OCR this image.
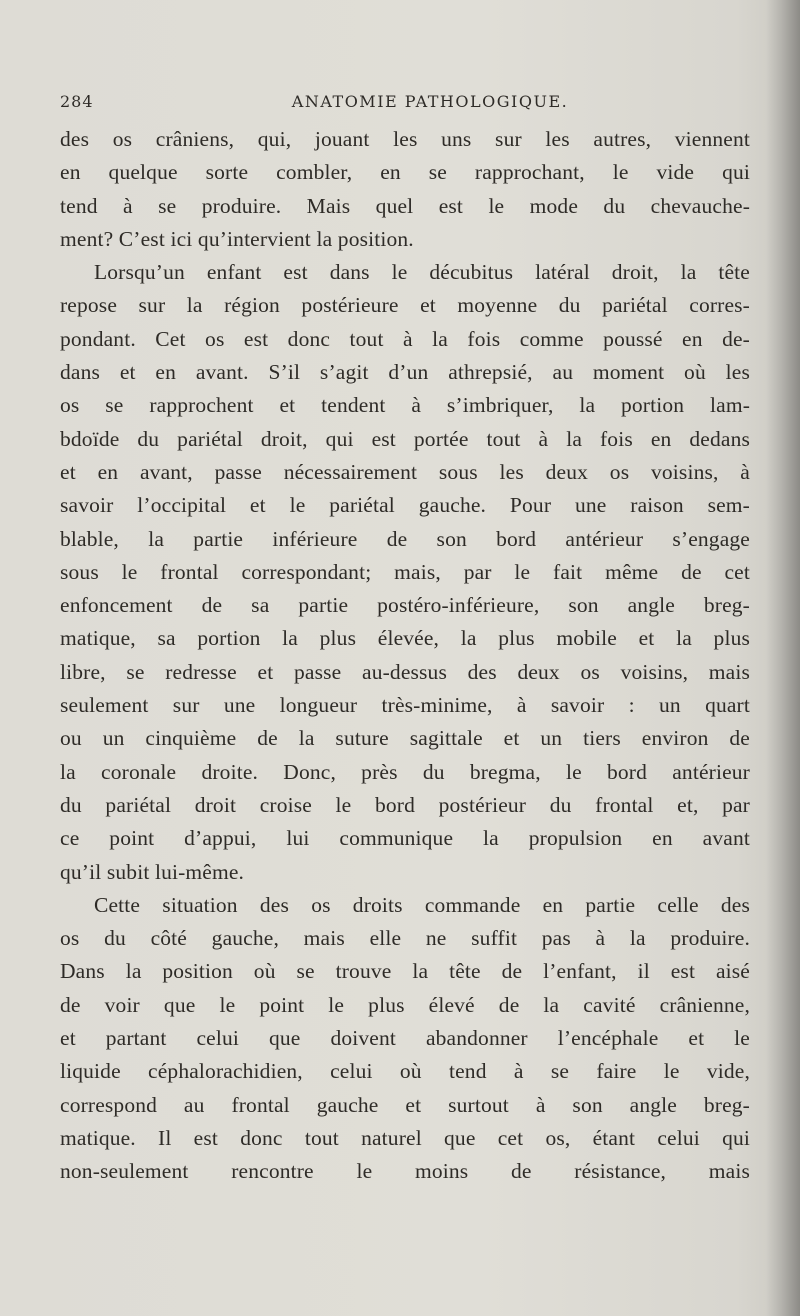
284	ANATOMIE PATHOLOGIQUE.
des os crâniens, qui, jouant les uns sur les autres, viennent
en quelque sorte combler, en se rapprochant, le vide qui
tend à se produire. Mais quel est le mode du chevauche-
ment? C’est ici qu’intervient la position.
Lorsqu’un enfant est dans le décubitus latéral droit, la tête
repose sur la région postérieure et moyenne du pariétal corres-
pondant. Cet os est donc tout à la fois comme poussé en de-
dans et en avant. S’il s’agit d’un athrepsié, au moment où les
os se rapprochent et tendent à s’imbriquer, la portion lam-
bdoïde du pariétal droit, qui est portée tout à la fois en dedans
et en avant, passe nécessairement sous les deux os voisins, à
savoir l’occipital et le pariétal gauche. Pour une raison sem-
blable, la partie inférieure de son bord antérieur s’engage
sous le frontal correspondant; mais, par le fait même de cet
enfoncement de sa partie postéro-inférieure, son angle breg-
matique, sa portion la plus élevée, la plus mobile et la plus
libre, se redresse et passe au-dessus des deux os voisins, mais
seulement sur une longueur très-minime, à savoir : un quart
ou un cinquième de la suture sagittale et un tiers environ de
la coronale droite. Donc, près du bregma, le bord antérieur
du pariétal droit croise le bord postérieur du frontal et, par
ce point d’appui, lui communique la propulsion en avant
qu’il subit lui-même.
Cette situation des os droits commande en partie celle des
os du côté gauche, mais elle ne suffit pas à la produire.
Dans la position où se trouve la tête de l’enfant, il est aisé
de voir que le point le plus élevé de la cavité crânienne,
et partant celui que doivent abandonner l’encéphale et le
liquide céphalorachidien, celui où tend à se faire le vide,
correspond au frontal gauche et surtout à son angle breg-
matique. Il est donc tout naturel que cet os, étant celui qui
non-seulement rencontre le moins de résistance, mais
